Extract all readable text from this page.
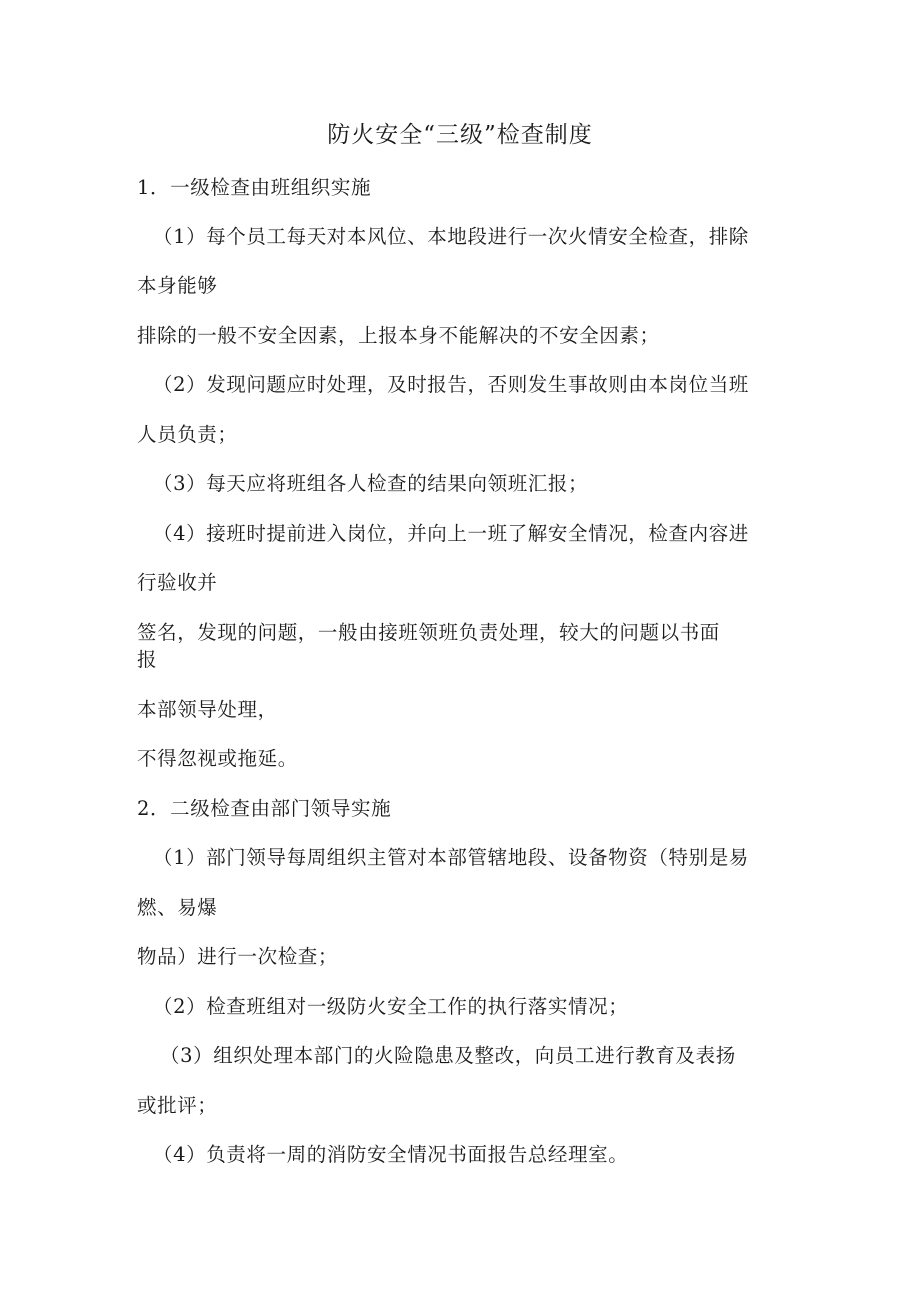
防火安全“三级”检查制度
1．一级检查由班组织实施
（1）每个员工每天对本风位、本地段进行一次火情安全检查，排除
本身能够
排除的一般不安全因素，上报本身不能解决的不安全因素；
（2）发现问题应时处理，及时报告，否则发生事故则由本岗位当班
人员负责；
（3）每天应将班组各人检查的结果向领班汇报；
（4）接班时提前进入岗位，并向上一班了解安全情况，检查内容进
行验收并
签名，发现的问题，一般由接班领班负责处理，较大的问题以书面
报
本部领导处理，
不得忽视或拖延。
2．二级检查由部门领导实施
（1）部门领导每周组织主管对本部管辖地段、设备物资（特别是易
燃、易爆
物品）进行一次检查；
（2）检查班组对一级防火安全工作的执行落实情况；
（3）组织处理本部门的火险隐患及整改，向员工进行教育及表扬
或批评；
（4）负责将一周的消防安全情况书面报告总经理室。
